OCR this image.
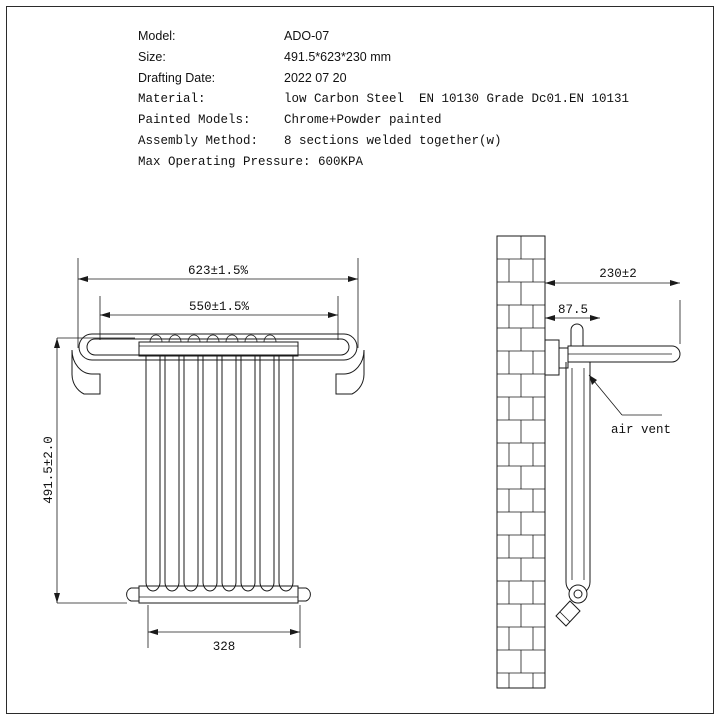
Model:	ADO-07
Size:	491.5*623*230 mm
Drafting Date:	2022 07 20
Material:	low Carbon Steel  EN 10130 Grade Dc01.EN 10131
Painted Models:	Chrome+Powder painted
Assembly Method:	8 sections welded together(w)
Max Operating Pressure: 600KPA
623±1.5%
550±1.5%
491.5±2.0
328
230±2
87.5
air vent
